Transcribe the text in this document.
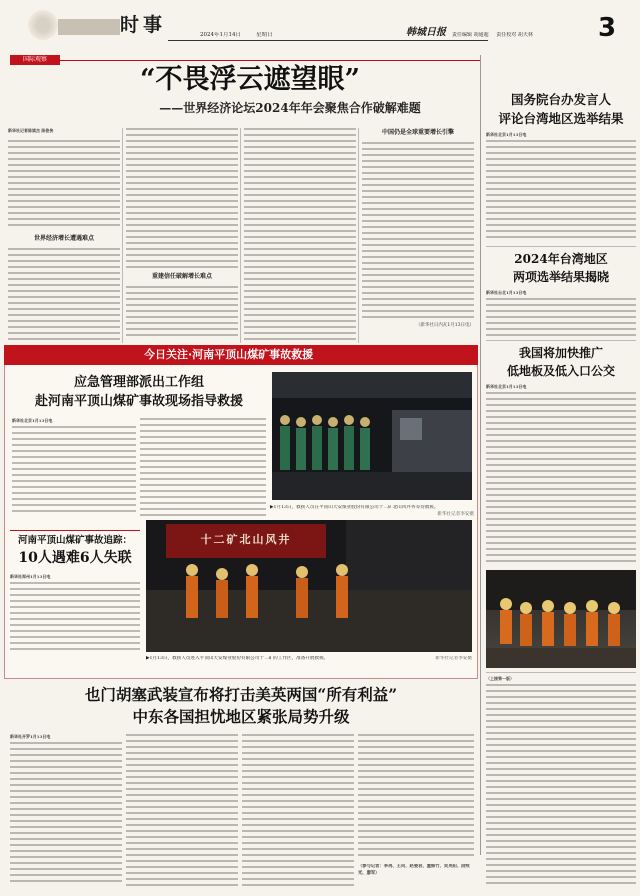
时事	2024年1月14日	星期日	韩城日报 责任编辑 胡通超 责任校对 胡天林	3
国际观察
“不畏浮云遮望眼”
——世界经济论坛2024年年会聚焦合作破解难题
新华社记者陈斌杰 陈俊侠
世界经济增长遭遇难点
重建信任破解增长难点
中国仍是全球重要增长引擎
（新华社日内瓦1月13日电）
国务院台办发言人
评论台湾地区选举结果
新华社北京1月13日电
2024年台湾地区
两项选举结果揭晓
新华社台北1月13日电
我国将加快推广
低地板及低入口公交
新华社北京1月13日电
（上接第一版）
今日关注·河南平顶山煤矿事故救援
应急管理部派出工作组
赴河南平顶山煤矿事故现场指导救援
新华社北京1月13日电
▶1月13日，救援人员在平顶山天安煤业股份有限公司十二矿北山风井务等待救援。
新华社记者李安摄
河南平顶山煤矿事故追踪：
10人遇难6人失联
新华社郑州1月13日电
十二矿北山风井
▶1月13日，救援人员进入平顶山天安煤业股份有限公司十二矿的工作区，准备开展救援。	新华社记者李安摄
也门胡塞武装宣布将打击美英两国“所有利益”
中东各国担忧地区紧张局势升级
新华社开罗1月13日电
（参与记者：李再、王向、赵晏君、董修竹、吴英阳、段岐光、廖军）
